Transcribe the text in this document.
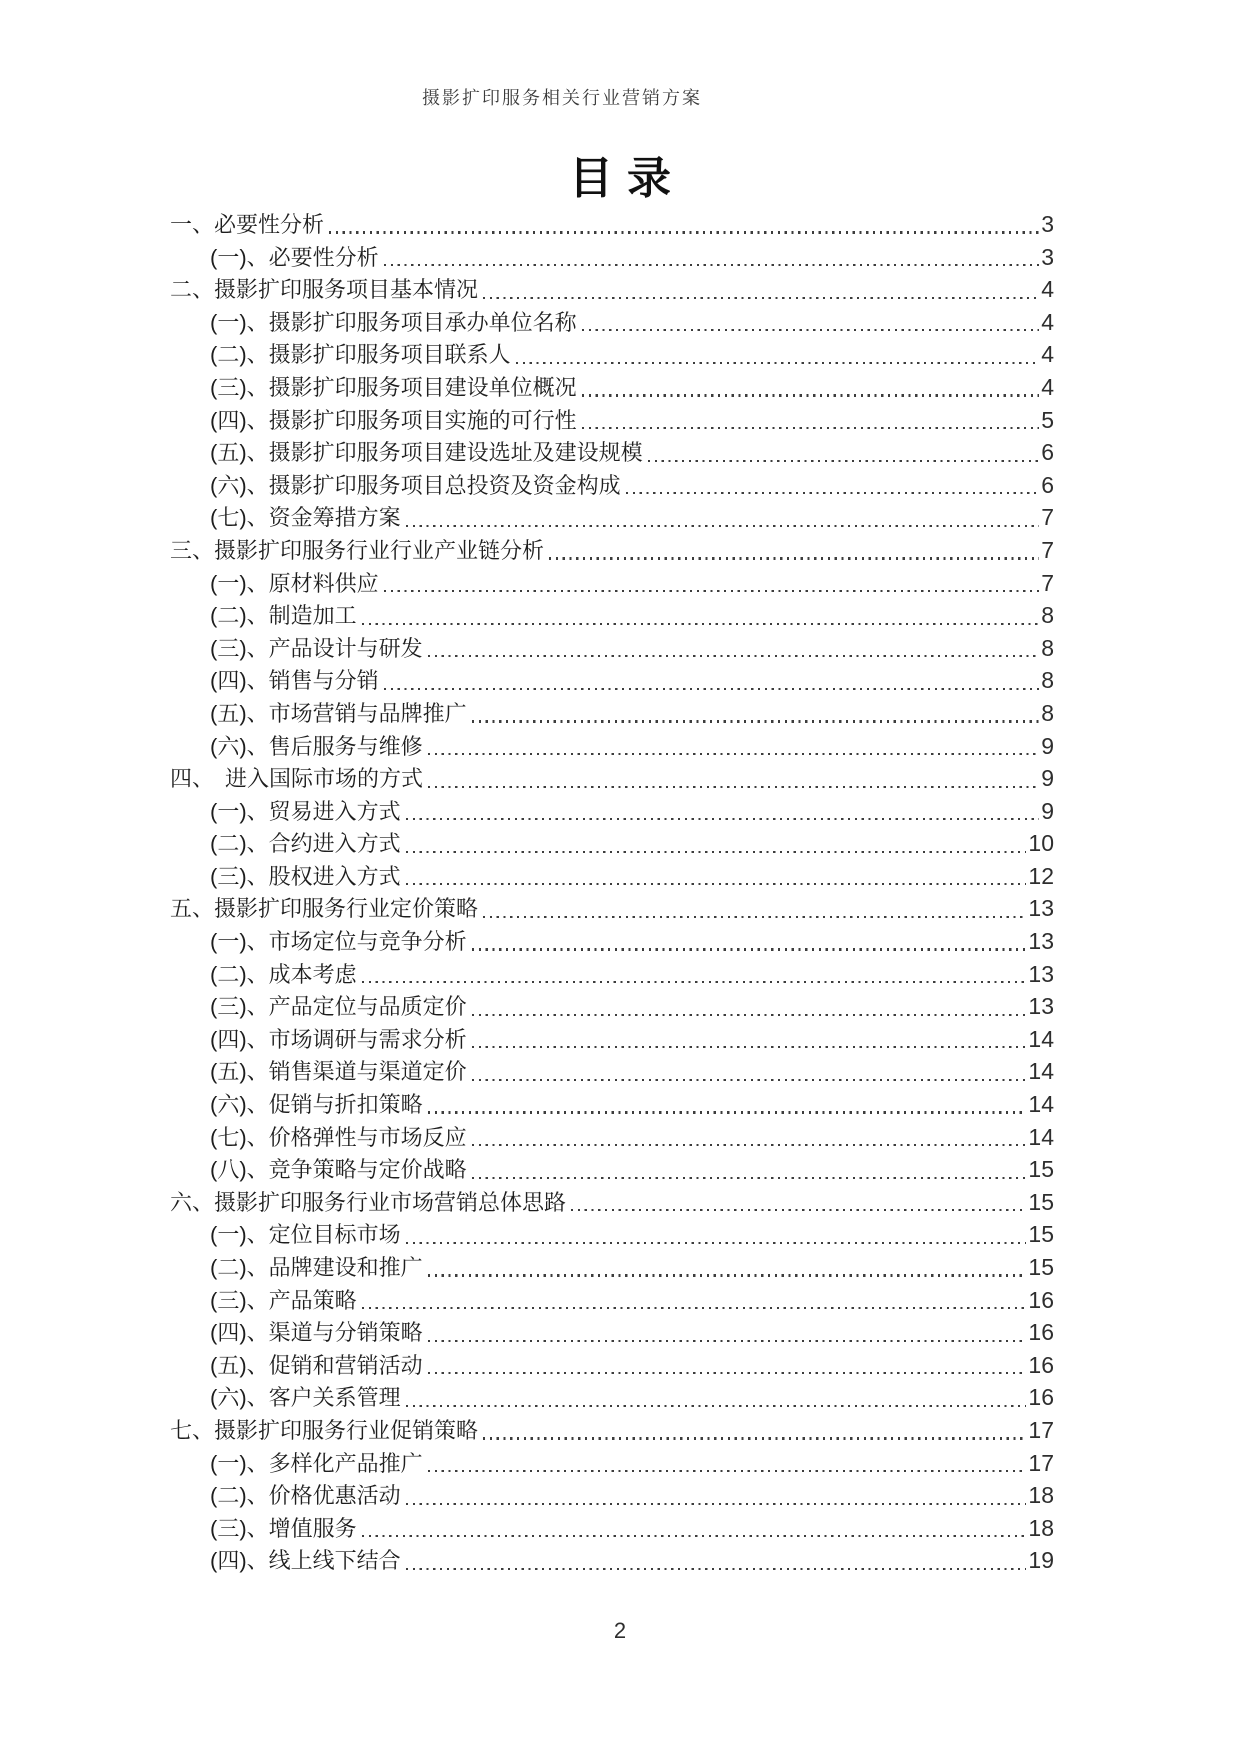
摄影扩印服务相关行业营销方案
目录
一、必要性分析	3
(一)、必要性分析	3
二、摄影扩印服务项目基本情况	4
(一)、摄影扩印服务项目承办单位名称	4
(二)、摄影扩印服务项目联系人	4
(三)、摄影扩印服务项目建设单位概况	4
(四)、摄影扩印服务项目实施的可行性	5
(五)、摄影扩印服务项目建设选址及建设规模	6
(六)、摄影扩印服务项目总投资及资金构成	6
(七)、资金筹措方案	7
三、摄影扩印服务行业行业产业链分析	7
(一)、原材料供应	7
(二)、制造加工	8
(三)、产品设计与研发	8
(四)、销售与分销	8
(五)、市场营销与品牌推广	8
(六)、售后服务与维修	9
四、　进入国际市场的方式	9
(一)、贸易进入方式	9
(二)、合约进入方式	10
(三)、股权进入方式	12
五、摄影扩印服务行业定价策略	13
(一)、市场定位与竞争分析	13
(二)、成本考虑	13
(三)、产品定位与品质定价	13
(四)、市场调研与需求分析	14
(五)、销售渠道与渠道定价	14
(六)、促销与折扣策略	14
(七)、价格弹性与市场反应	14
(八)、竞争策略与定价战略	15
六、摄影扩印服务行业市场营销总体思路	15
(一)、定位目标市场	15
(二)、品牌建设和推广	15
(三)、产品策略	16
(四)、渠道与分销策略	16
(五)、促销和营销活动	16
(六)、客户关系管理	16
七、摄影扩印服务行业促销策略	17
(一)、多样化产品推广	17
(二)、价格优惠活动	18
(三)、增值服务	18
(四)、线上线下结合	19
2
